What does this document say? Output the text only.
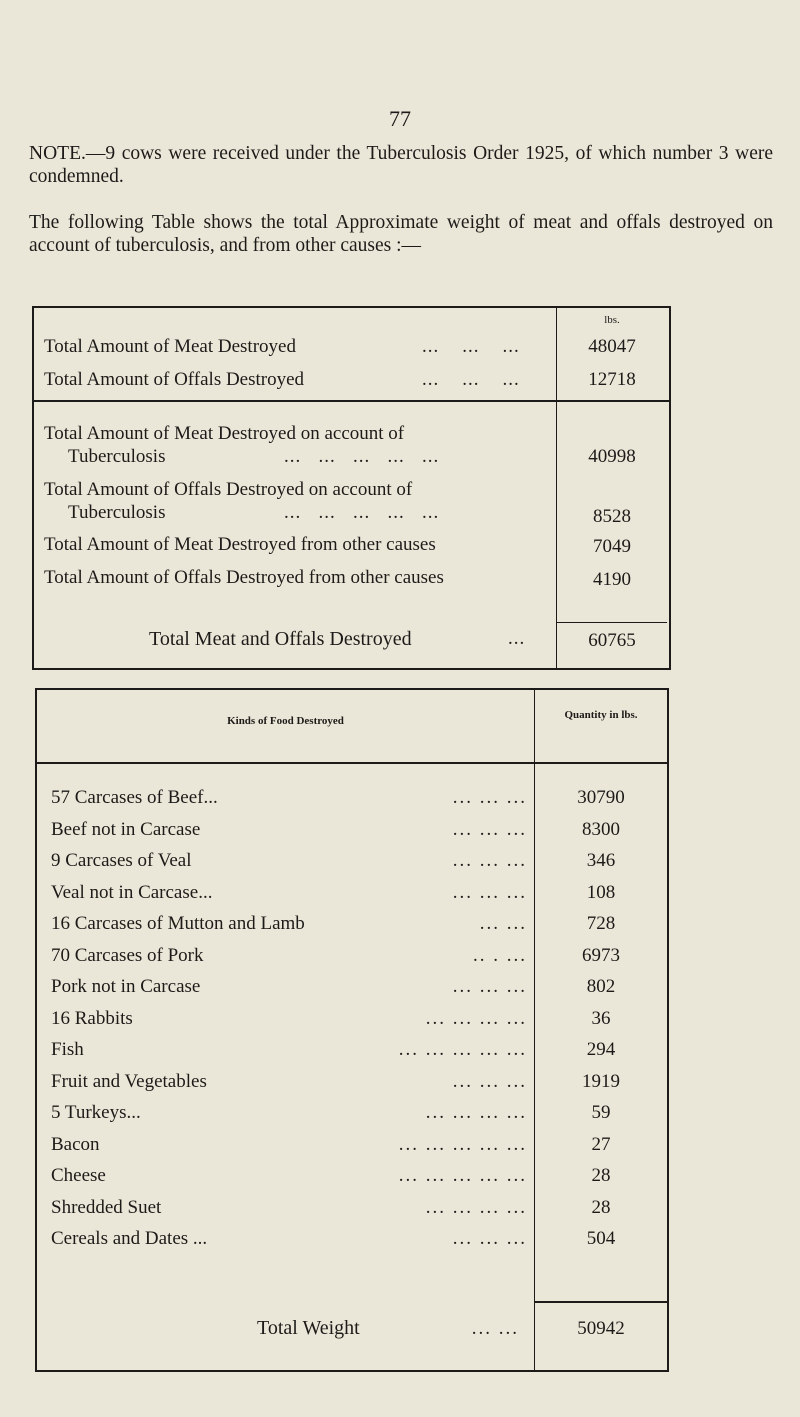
77
NOTE.—9 cows were received under the Tuberculosis Order 1925, of which number 3 were condemned.
The following Table shows the total Approximate weight of meat and offals destroyed on account of tuberculosis, and from other causes :—
lbs.
Total Amount of Meat Destroyed	...    ...    ...	48047
Total Amount of Offals Destroyed	...    ...    ...	12718
Total Amount of Meat Destroyed on account of
Tuberculosis	...   ...   ...   ...   ...	40998
Total Amount of Offals Destroyed on account of
Tuberculosis	...   ...   ...   ...   ...	8528
Total Amount of Meat Destroyed from other causes	7049
Total Amount of Offals Destroyed from other causes	4190
Total Meat and Offals Destroyed	...	60765
Kinds of Food Destroyed	Quantity in lbs.
57 Carcases of Beef...	... ... ...	30790
Beef not in Carcase	... ... ...	8300
9 Carcases of Veal	... ... ...	346
Veal not in Carcase...	... ... ...	108
16 Carcases of Mutton and Lamb	... ...	728
70 Carcases of Pork	.. . ...	6973
Pork not in Carcase	... ... ...	802
16 Rabbits	... ... ... ...	36
Fish	... ... ... ... ...	294
Fruit and Vegetables	... ... ...	1919
5 Turkeys...	... ... ... ...	59
Bacon	... ... ... ... ...	27
Cheese	... ... ... ... ...	28
Shredded Suet	... ... ... ...	28
Cereals and Dates ...	... ... ...	504
Total Weight	... ...	50942
